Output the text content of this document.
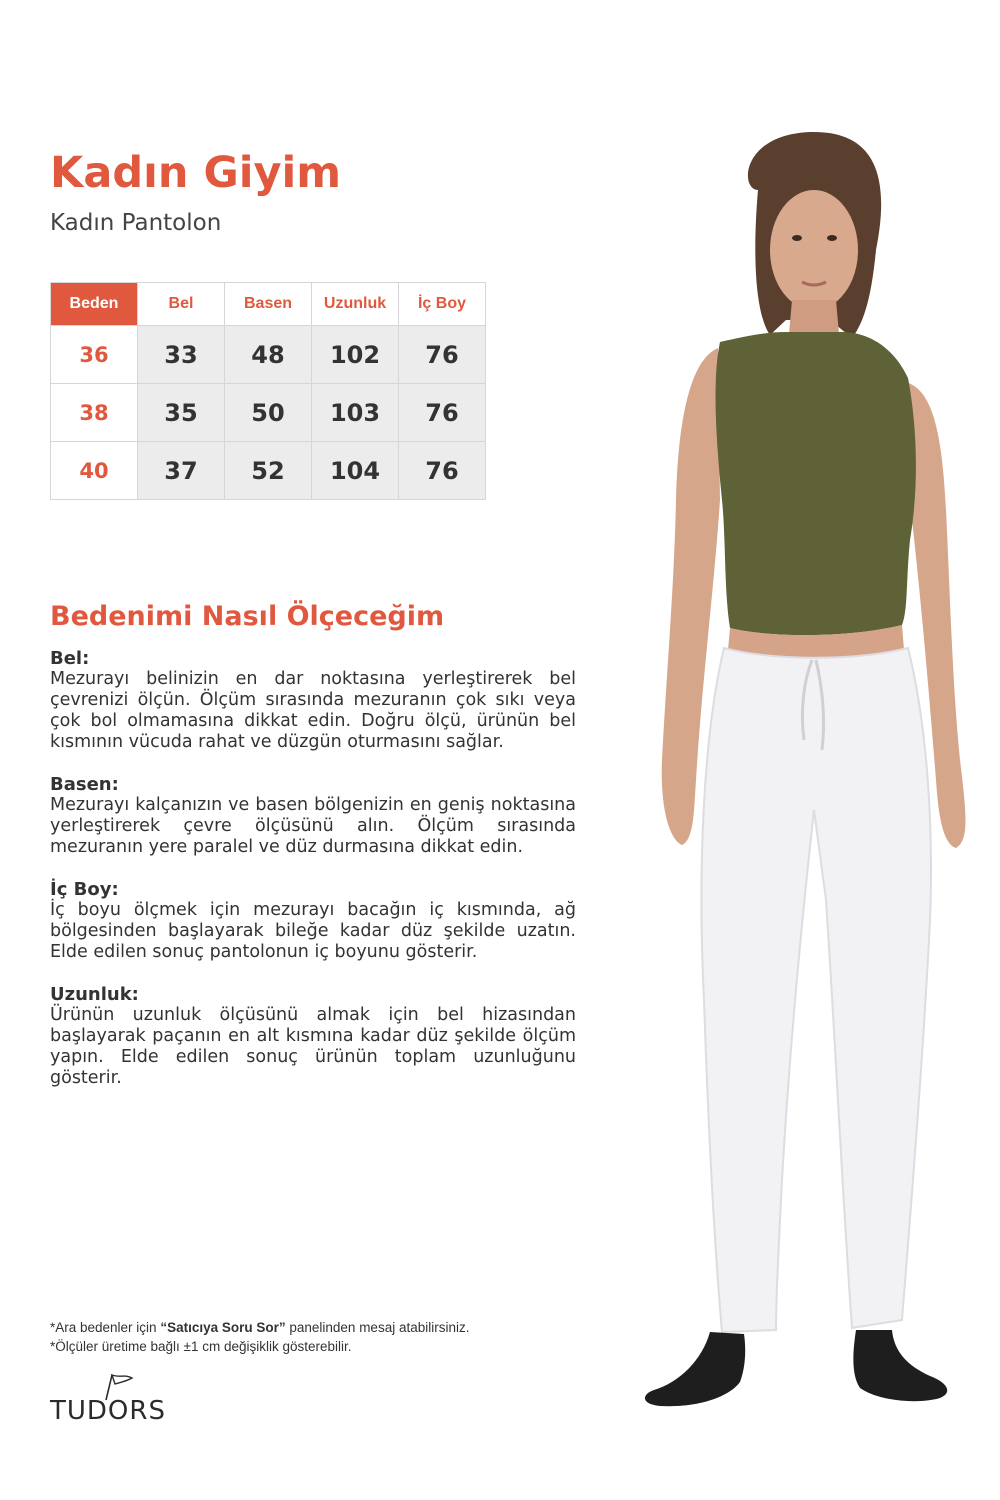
Kadın Giyim
Kadın Pantolon
Beden	Bel	Basen	Uzunluk	İç Boy
36	33	48	102	76
38	35	50	103	76
40	37	52	104	76
Bedenimi Nasıl Ölçeceğim
Bel:
Mezurayı belinizin en dar noktasına yerleştirerek bel çevrenizi ölçün. Ölçüm sırasında mezuranın çok sıkı veya çok bol olmamasına dikkat edin. Doğru ölçü, ürünün bel kısmının vücuda rahat ve düzgün oturmasını sağlar.
Basen:
Mezurayı kalçanızın ve basen bölgenizin en geniş noktasına yerleştirerek çevre ölçüsünü alın. Ölçüm sırasında mezuranın yere paralel ve düz durmasına dikkat edin.
İç Boy:
İç boyu ölçmek için mezurayı bacağın iç kısmında, ağ bölgesinden başlayarak bileğe kadar düz şekilde uzatın. Elde edilen sonuç pantolonun iç boyunu gösterir.
Uzunluk:
Ürünün uzunluk ölçüsünü almak için bel hizasından başlayarak paçanın en alt kısmına kadar düz şekilde ölçüm yapın. Elde edilen sonuç ürünün toplam uzunluğunu gösterir.
*Ara bedenler için “Satıcıya Soru Sor” panelinden mesaj atabilirsiniz.
*Ölçüler üretime bağlı ±1 cm değişiklik gösterebilir.
TUDORS
